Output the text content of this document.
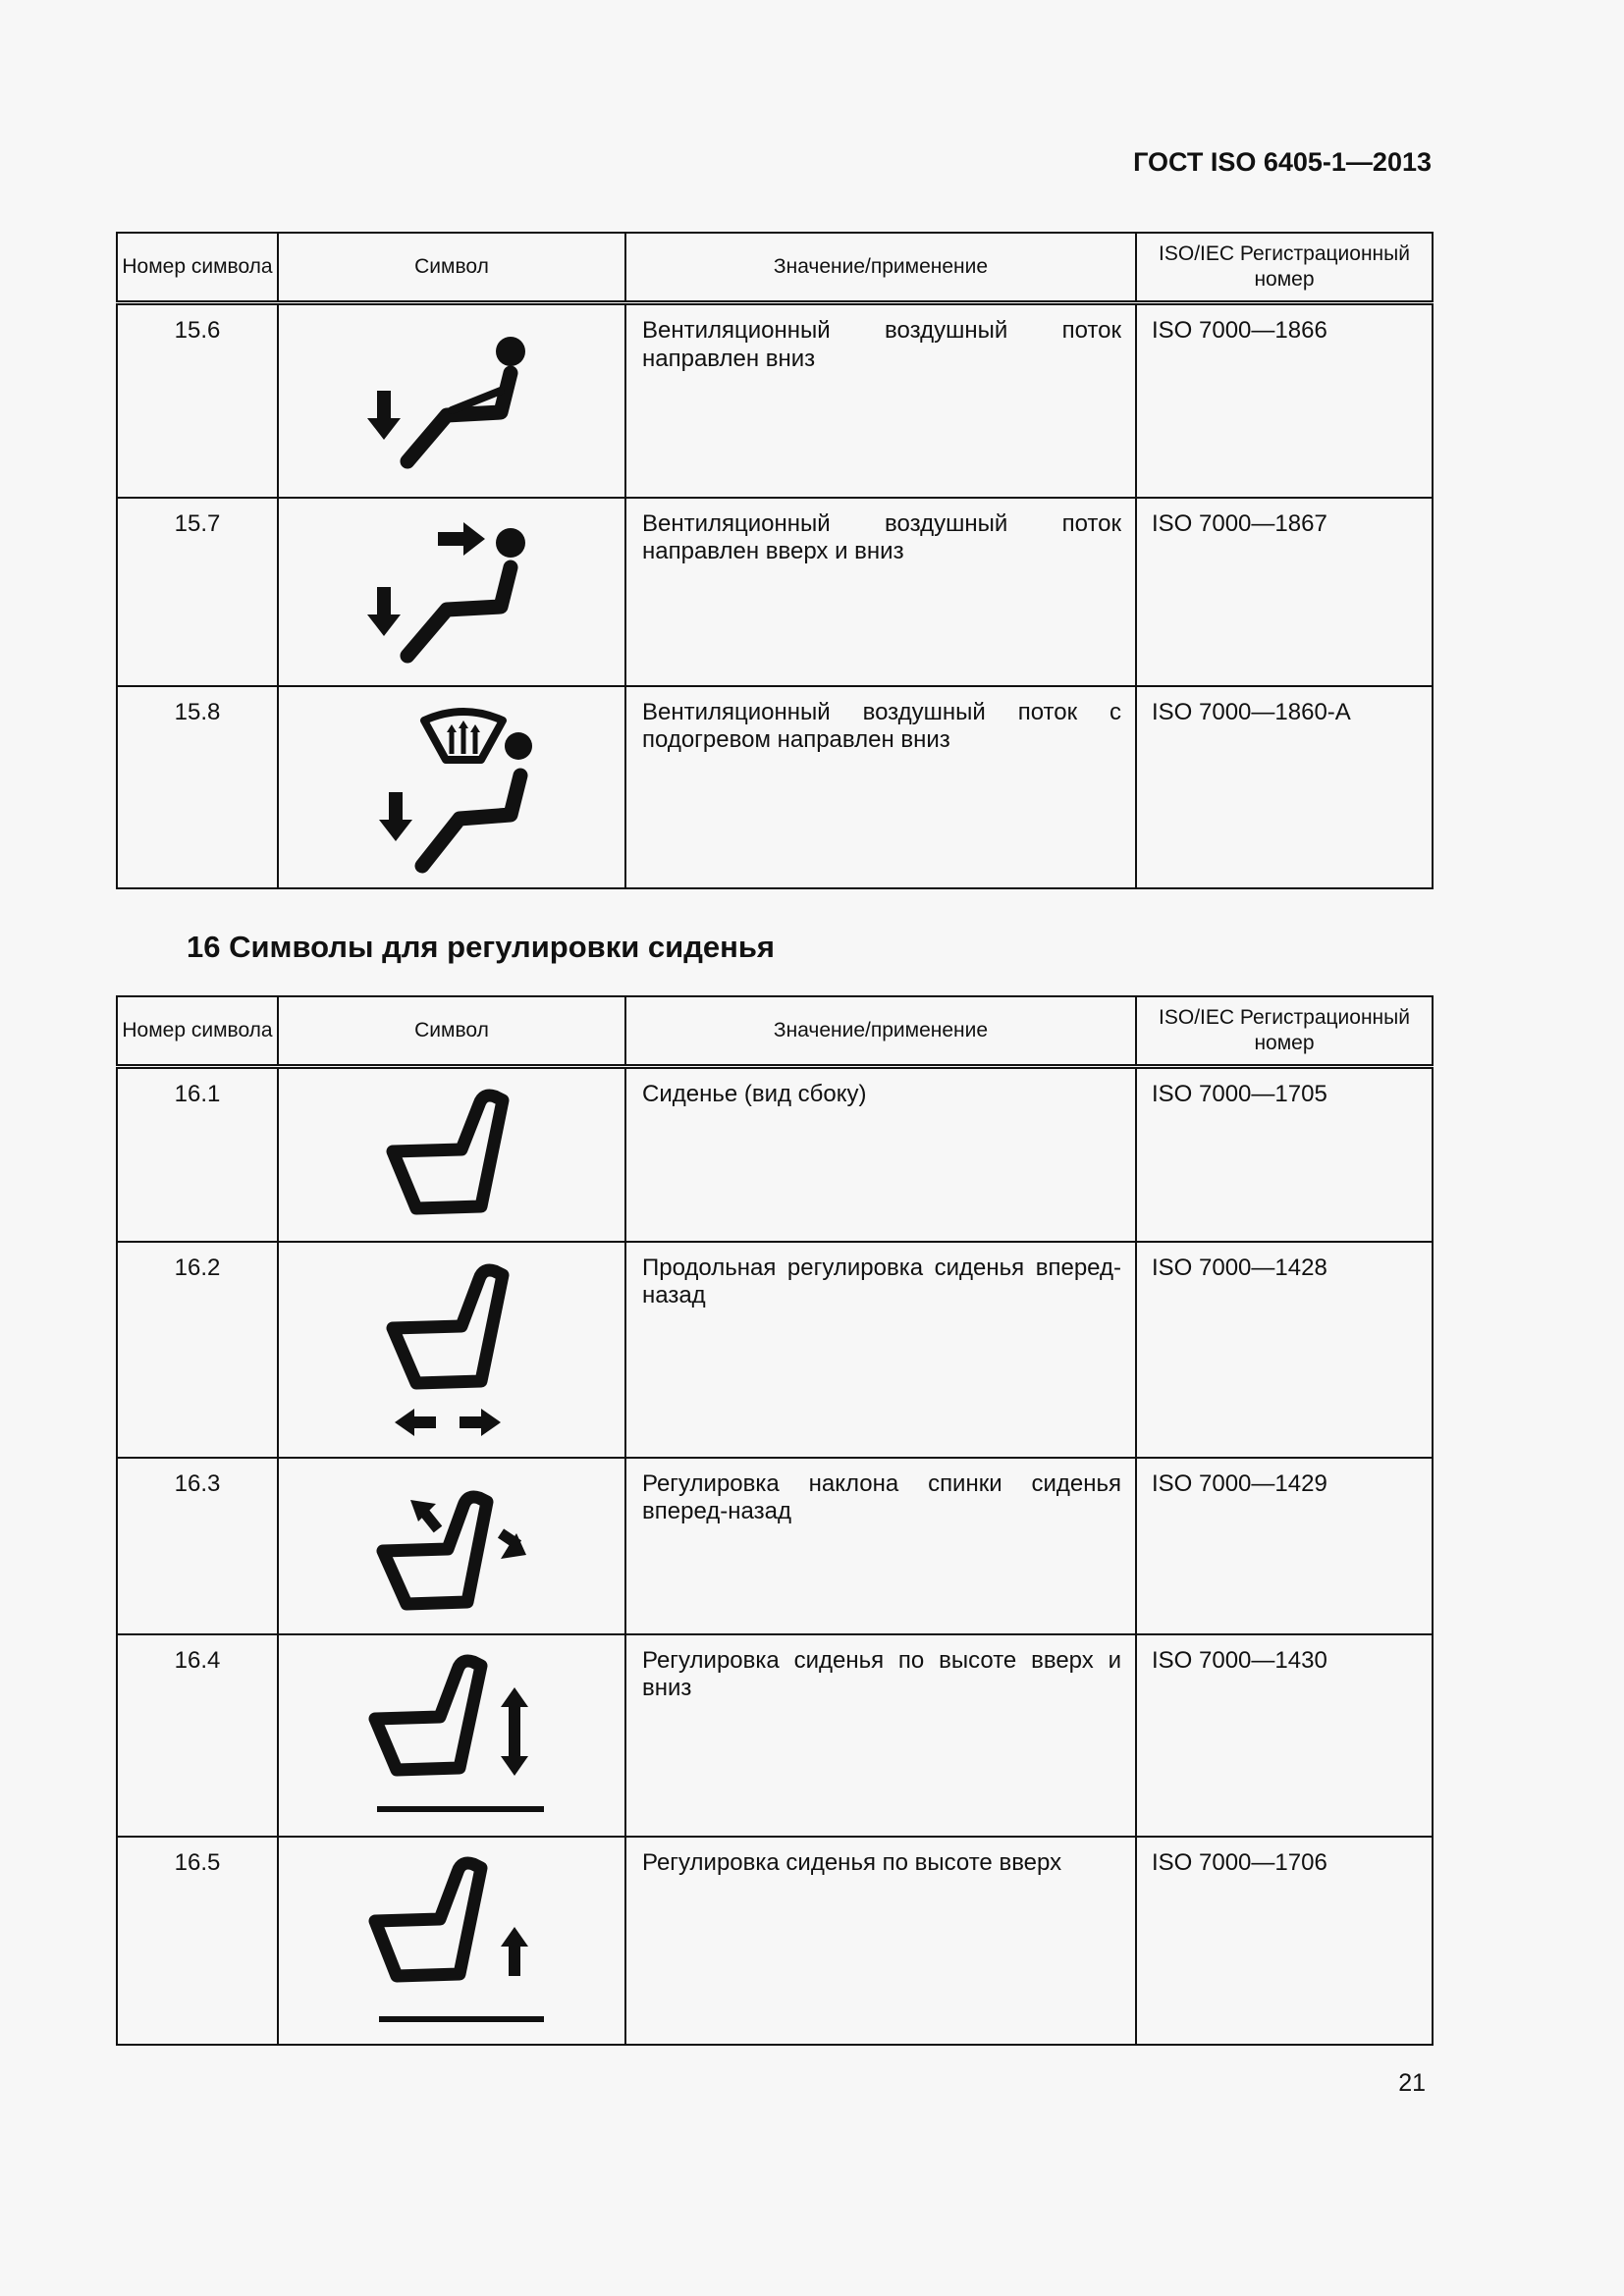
ГОСТ ISO 6405-1—2013
Номер символа	Символ	Значение/применение	ISO/IEC Регистрационный номер
15.6		Вентиляционный воздушный поток направлен вниз	ISO 7000—1866
15.7		Вентиляционный воздушный поток направлен вверх и вниз	ISO 7000—1867
15.8		Вентиляционный воздушный поток с подогревом направлен вниз	ISO 7000—1860-A
16 Символы для регулировки сиденья
Номер символа	Символ	Значение/применение	ISO/IEC Регистрационный номер
16.1		Сиденье (вид сбоку)	ISO 7000—1705
16.2		Продольная регулировка сиденья вперед-назад	ISO 7000—1428
16.3		Регулировка наклона спинки сиденья вперед-назад	ISO 7000—1429
16.4		Регулировка сиденья по высоте вверх и вниз	ISO 7000—1430
16.5		Регулировка сиденья по высоте вверх	ISO 7000—1706
21
